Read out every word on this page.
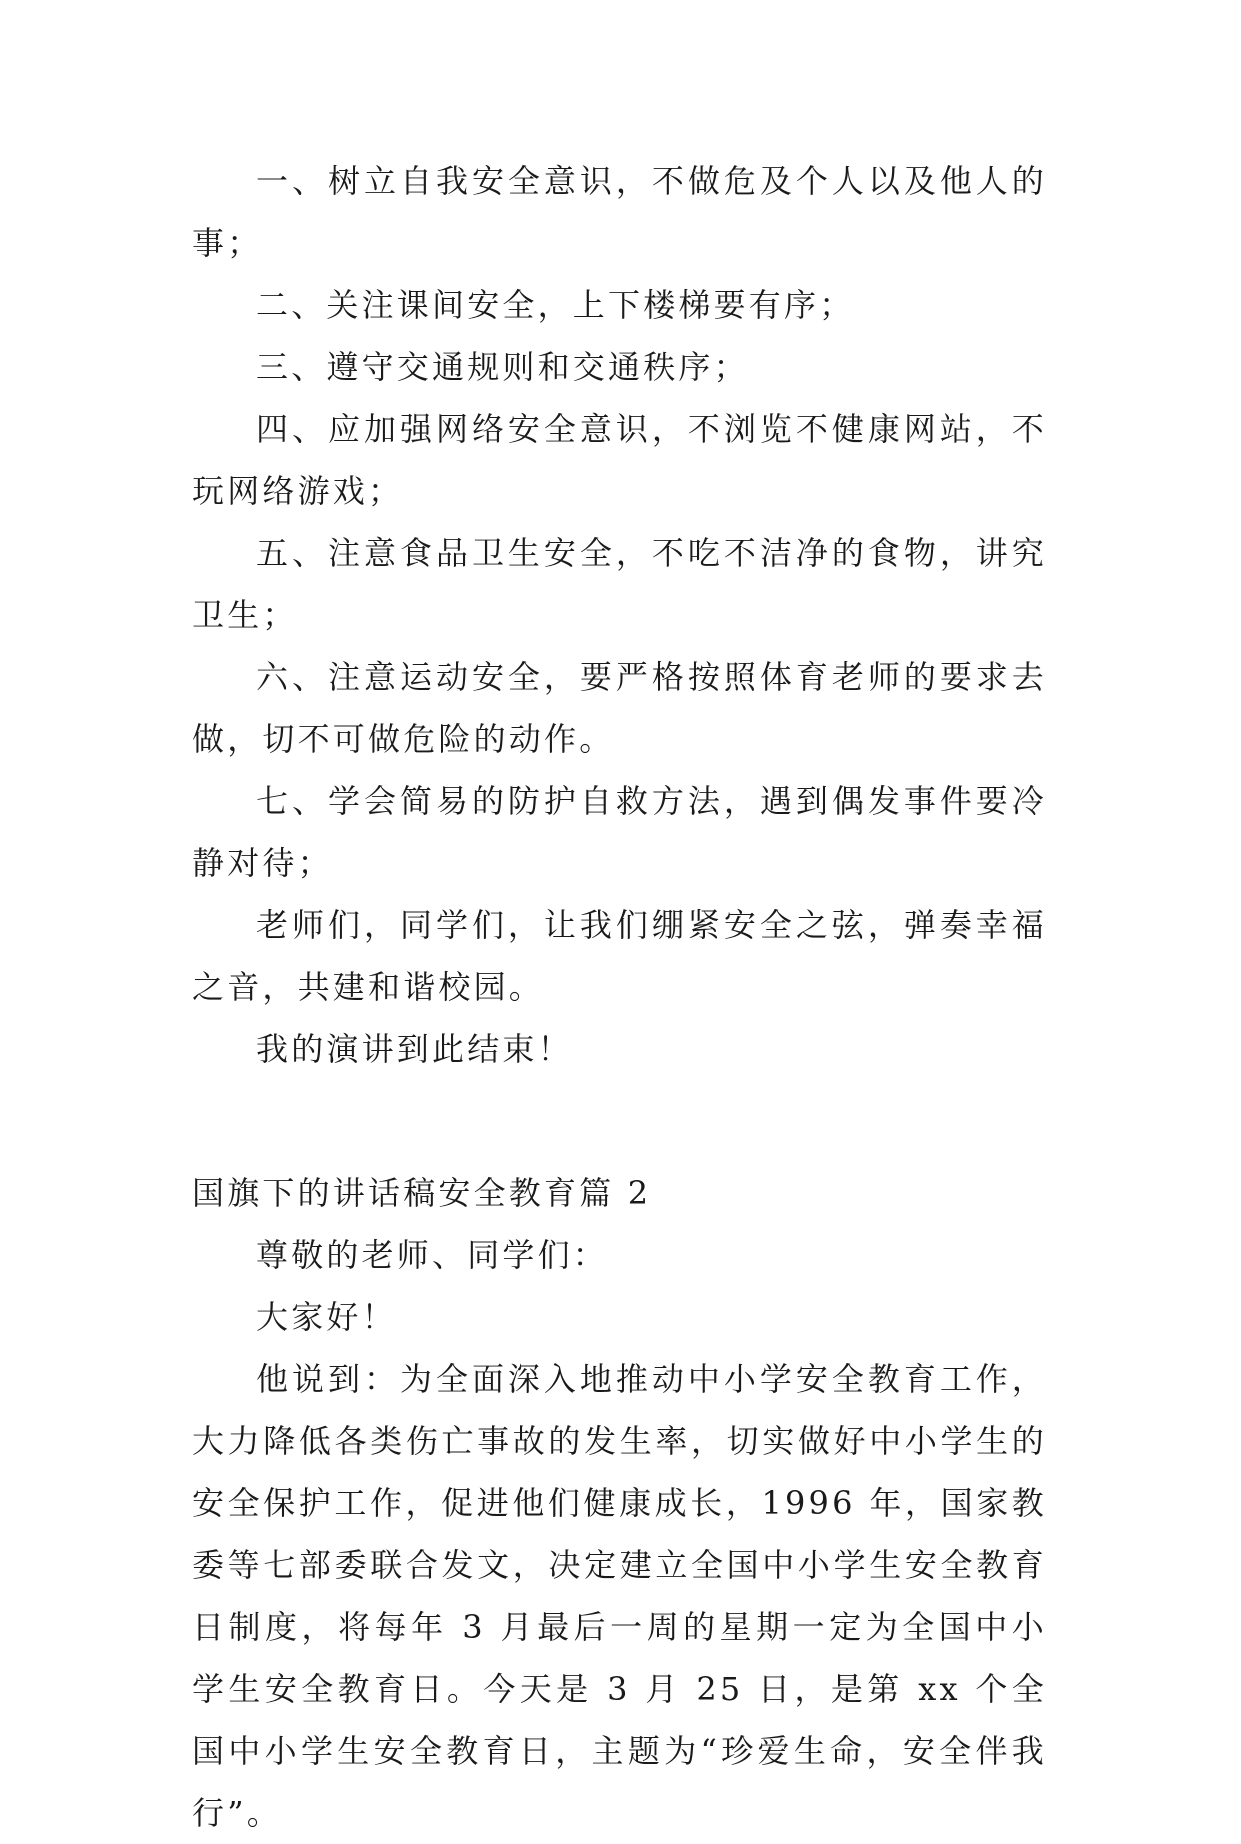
一、树立自我安全意识，不做危及个人以及他人的事；

二、关注课间安全，上下楼梯要有序；

三、遵守交通规则和交通秩序；

四、应加强网络安全意识，不浏览不健康网站，不玩网络游戏；

五、注意食品卫生安全，不吃不洁净的食物，讲究卫生；

六、注意运动安全，要严格按照体育老师的要求去做，切不可做危险的动作。

七、学会简易的防护自救方法，遇到偶发事件要冷静对待；

老师们，同学们，让我们绷紧安全之弦，弹奏幸福之音，共建和谐校园。

我的演讲到此结束！

国旗下的讲话稿安全教育篇 2

尊敬的老师、同学们：

大家好！

他说到：为全面深入地推动中小学安全教育工作，大力降低各类伤亡事故的发生率，切实做好中小学生的安全保护工作，促进他们健康成长，1996 年，国家教委等七部委联合发文，决定建立全国中小学生安全教育日制度，将每年 3 月最后一周的星期一定为全国中小学生安全教育日。今天是 3 月 25 日，是第 xx 个全国中小学生安全教育日，主题为“珍爱生命，安全伴我行”。
